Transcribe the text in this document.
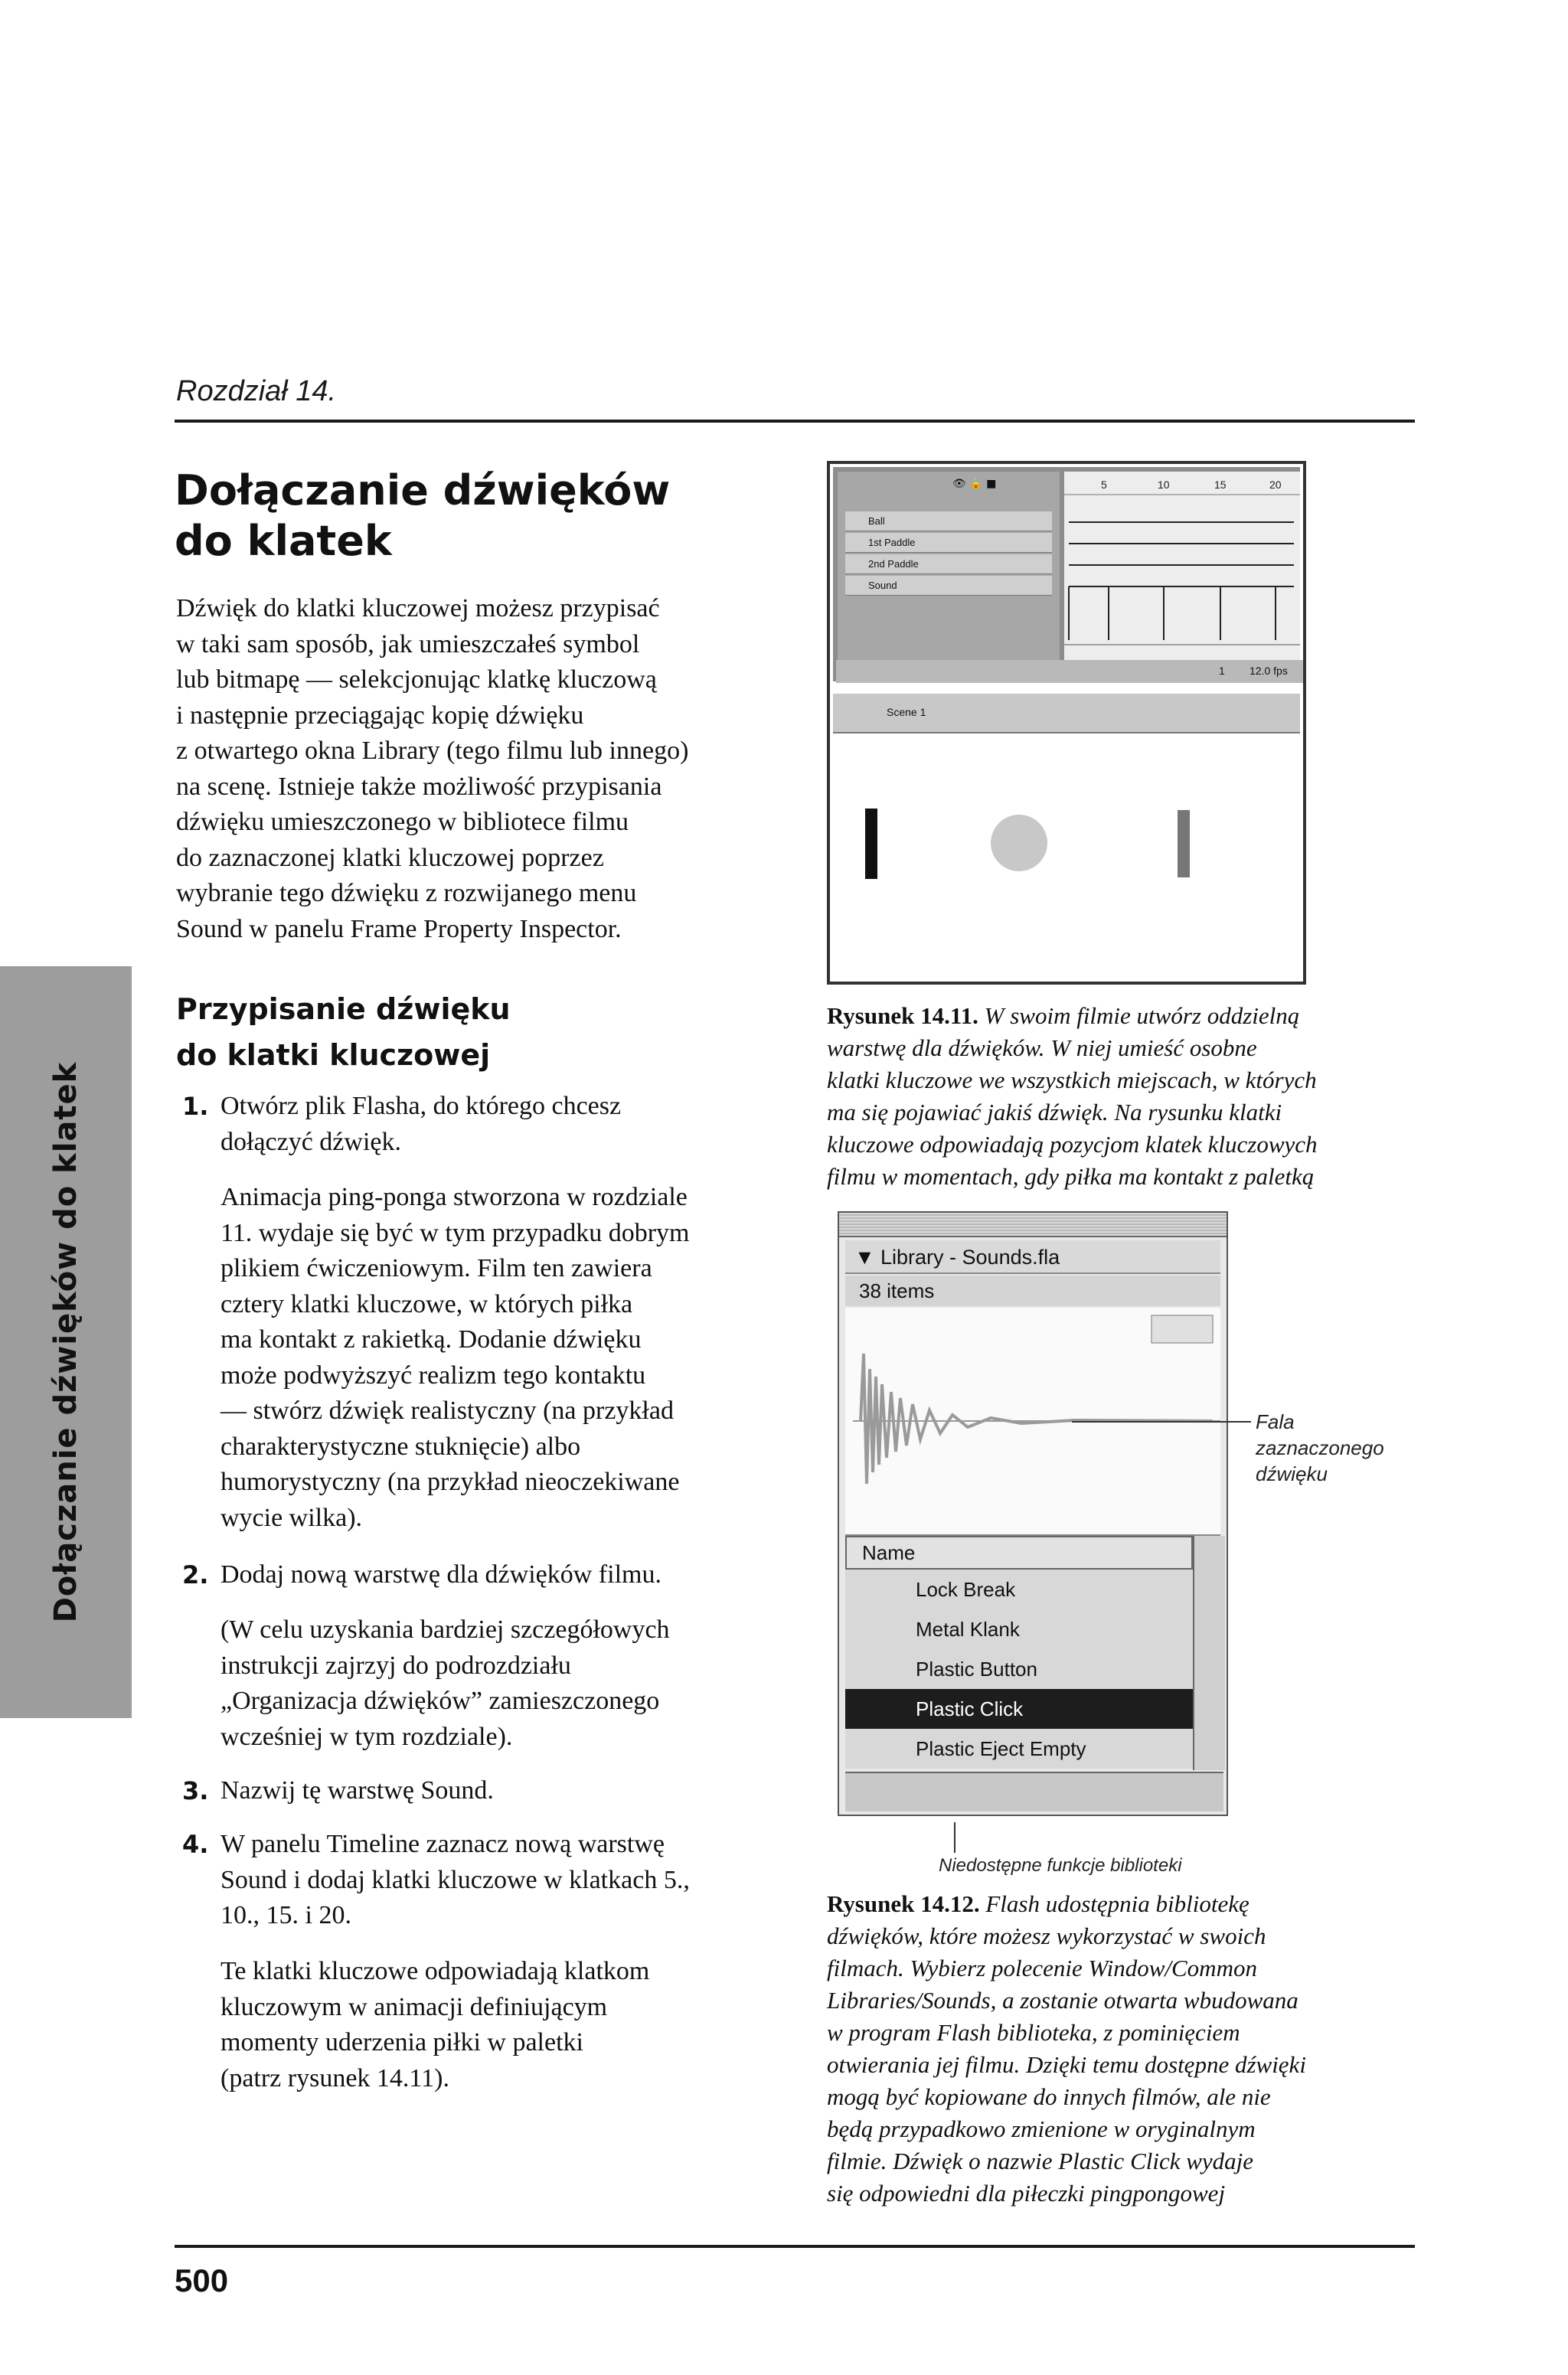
Rozdział 14.
Dołączanie dźwięków do klatek
Dołączanie dźwięków
do klatek
Dźwięk do klatki kluczowej możesz przypisać
w taki sam sposób, jak umieszczałeś symbol
lub bitmapę — selekcjonując klatkę kluczową
i następnie przeciągając kopię dźwięku
z otwartego okna Library (tego filmu lub innego)
na scenę. Istnieje także możliwość przypisania
dźwięku umieszczonego w bibliotece filmu
do zaznaczonej klatki kluczowej poprzez
wybranie tego dźwięku z rozwijanego menu
Sound w panelu Frame Property Inspector.
Przypisanie dźwięku
do klatki kluczowej
1. Otwórz plik Flasha, do którego chcesz
dołączyć dźwięk.
Animacja ping-ponga stworzona w rozdziale
11. wydaje się być w tym przypadku dobrym
plikiem ćwiczeniowym. Film ten zawiera
cztery klatki kluczowe, w których piłka
ma kontakt z rakietką. Dodanie dźwięku
może podwyższyć realizm tego kontaktu
— stwórz dźwięk realistyczny (na przykład
charakterystyczne stuknięcie) albo
humorystyczny (na przykład nieoczekiwane
wycie wilka).
2. Dodaj nową warstwę dla dźwięków filmu.
(W celu uzyskania bardziej szczegółowych
instrukcji zajrzyj do podrozdziału
„Organizacja dźwięków” zamieszczonego
wcześniej w tym rozdziale).
3. Nazwij tę warstwę Sound.
4. W panelu Timeline zaznacz nową warstwę
Sound i dodaj klatki kluczowe w klatkach 5.,
10., 15. i 20.
Te klatki kluczowe odpowiadają klatkom
kluczowym w animacji definiującym
momenty uderzenia piłki w paletki
(patrz rysunek 14.11).
Ball
1st Paddle
2nd Paddle
Sound
👁 🔒 ■	5	10	15	20
1 12.0 fps
Scene 1
Rysunek 14.11. W swoim filmie utwórz oddzielną
warstwę dla dźwięków. W niej umieść osobne
klatki kluczowe we wszystkich miejscach, w których
ma się pojawiać jakiś dźwięk. Na rysunku klatki
kluczowe odpowiadają pozycjom klatek kluczowych
filmu w momentach, gdy piłka ma kontakt z paletką
▼ Library - Sounds.fla
38 items
Name
Lock Break
Metal Klank
Plastic Button
Plastic Click
Plastic Eject Empty
Fala
zaznaczonego
dźwięku
Niedostępne funkcje biblioteki
Rysunek 14.12. Flash udostępnia bibliotekę
dźwięków, które możesz wykorzystać w swoich
filmach. Wybierz polecenie Window/Common
Libraries/Sounds, a zostanie otwarta wbudowana
w program Flash biblioteka, z pominięciem
otwierania jej filmu. Dzięki temu dostępne dźwięki
mogą być kopiowane do innych filmów, ale nie
będą przypadkowo zmienione w oryginalnym
filmie. Dźwięk o nazwie Plastic Click wydaje
się odpowiedni dla piłeczki pingpongowej
500
